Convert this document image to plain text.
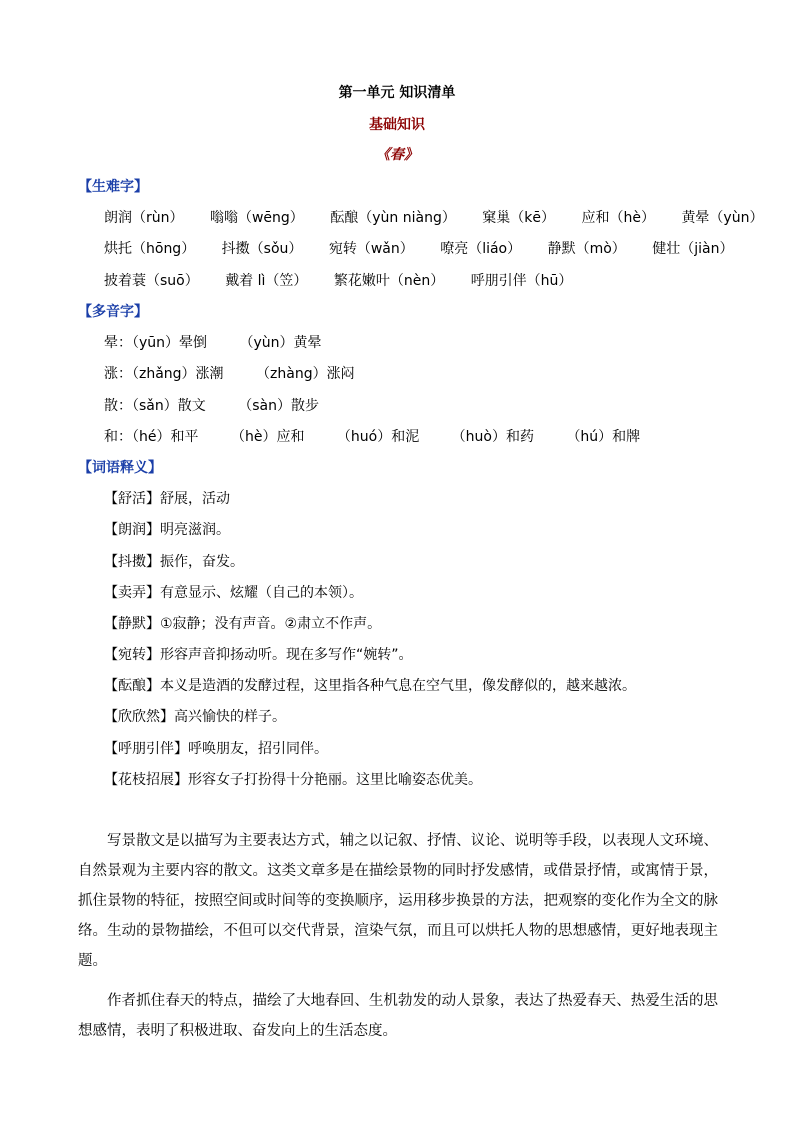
第一单元 知识清单
基础知识
《春》
【生难字】
朗润（rùn） 嗡嗡（wēng） 酝酿（yùn niàng） 窠巢（kē） 应和（hè） 黄晕（yùn）
烘托（hōng） 抖擞（sǒu） 宛转（wǎn） 嘹亮（liáo） 静默（mò） 健壮（jiàn）
披着蓑（suō） 戴着 lì（笠） 繁花嫩叶（nèn） 呼朋引伴（hū）
【多音字】
晕：（yūn）晕倒 （yùn）黄晕
涨：（zhǎng）涨潮 （zhàng）涨闷
散：（sǎn）散文 （sàn）散步
和：（hé）和平 （hè）应和 （huó）和泥 （huò）和药 （hú）和牌
【词语释义】
【舒活】舒展，活动
【朗润】明亮滋润。
【抖擞】振作，奋发。
【卖弄】有意显示、炫耀（自己的本领）。
【静默】①寂静；没有声音。②肃立不作声。
【宛转】形容声音抑扬动听。现在多写作“婉转”。
【酝酿】本义是造酒的发酵过程，这里指各种气息在空气里，像发酵似的，越来越浓。
【欣欣然】高兴愉快的样子。
【呼朋引伴】呼唤朋友，招引同伴。
【花枝招展】形容女子打扮得十分艳丽。这里比喻姿态优美。
写景散文是以描写为主要表达方式，辅之以记叙、抒情、议论、说明等手段，以表现人文环境、自然景观为主要内容的散文。这类文章多是在描绘景物的同时抒发感情，或借景抒情，或寓情于景，抓住景物的特征，按照空间或时间等的变换顺序，运用移步换景的方法，把观察的变化作为全文的脉络。生动的景物描绘，不但可以交代背景，渲染气氛，而且可以烘托人物的思想感情，更好地表现主题。
作者抓住春天的特点，描绘了大地春回、生机勃发的动人景象，表达了热爱春天、热爱生活的思想感情，表明了积极进取、奋发向上的生活态度。
